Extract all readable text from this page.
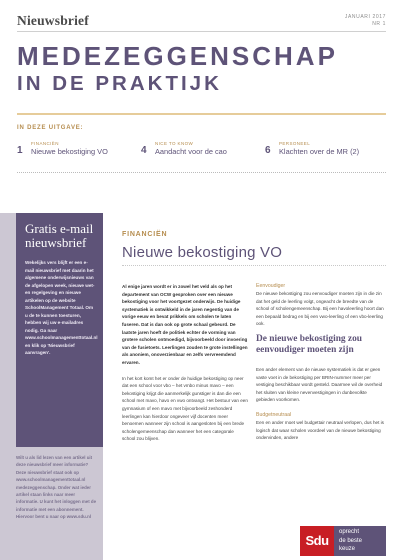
Nieuwsbrief	JANUARI 2017
NR 1
MEDEZEGGENSCHAP
IN DE PRAKTIJK
IN DEZE UITGAVE:
FINANCIËN
1 Nieuwe bekostiging VO
NICE TO KNOW
4 Aandacht voor de cao
PERSONEEL
6 Klachten over de MR (2)
Gratis e-mail nieuwsbrief
Wekelijks vers blijft er een e-mail nieuwsbrief met daarin het algemene onderwijsnieuws van de afgelopen week, nieuwe wet- en regelgeving en nieuwe artikelen op de website SchoolManagement Totaal. Om u de te kunnen toesturen, hebben wij uw e-mailadres nodig. Ga naar www.schoolmanagementtotaal.nl en klik op 'Nieuwsbrief aanvragen'.
Wilt u als lid lezen van een artikel uit deze nieuwsbrief meer informatie? Deze nieuwsbrief staat ook op www.schoolmanagementtotaal.nl medezeggenschap. Onder wat ieder artikel staan links naar meer informatie. U kunt het inloggen met de informatie met een abonnement. Hiervoor bent u naar op www.sdu.nl
FINANCIËN
Nieuwe bekostiging VO

Al enige jaren wordt er in zowel het veld als op het departement van OCW gesproken over een nieuwe bekostiging voor het voortgezet onderwijs. De huidige systematiek is ontwikkeld in de jaren negentig van de vorige eeuw en bevat prikkels om scholen te laten fuseren. Dat is dan ook op grote schaal gebeurd. De laatste jaren hoeft de politiek echter de vorming van grotere scholen ontmoedigd, bijvoorbeeld door invoering van de fusietoets. Leerlingen zouden te grote instellingen als anoniem, onoverzienbaar en zelfs vervreemdend ervaren.

In het kort komt het er onder de huidige bekostiging op neer dat een school voor vbo – het vmbo minus mavo – een bekostiging krijgt die aanmerkelijk gunstiger is dan die een school met mavo, havo en vwo ontvangt. Het bestuur van een gymnasium of een mavo met bijvoorbeeld zeshonderd leerlingen kan hierdoor ongeveer vijf docenten meer benoemen wanneer zijn school is aangesloten bij een brede scholengemeenschap dan wanneer het een categorale school zou blijven.

Eenvoudiger

De nieuwe bekostiging zou eenvoudiger moeten zijn in die zin dat het geld de leerling volgt, ongeacht de breedte van de school of scholengemeenschap. Bij een havoleerling hoort dan een bepaald bedrag en bij een vwo-leerling of een vbo-leerling ook.

De nieuwe bekostiging zou eenvoudiger moeten zijn

Een ander element van de nieuwe systematiek is dat er geen vaste voet in de bekostiging per BRIN-nummer meer per vestiging beschikbaar wordt gesteld. Daarmee wil de overheid het sluiten van kleine nevenvestigingen in dunbevolkte gebieden voorkomen.

Budgetneutraal

Een en ander moet wel budgettair neutraal verlopen, dus het is logisch dat waar scholen voordeel van de nieuwe bekostiging ondervinden, andere

Sdu
oprecht
de beste
keuze
